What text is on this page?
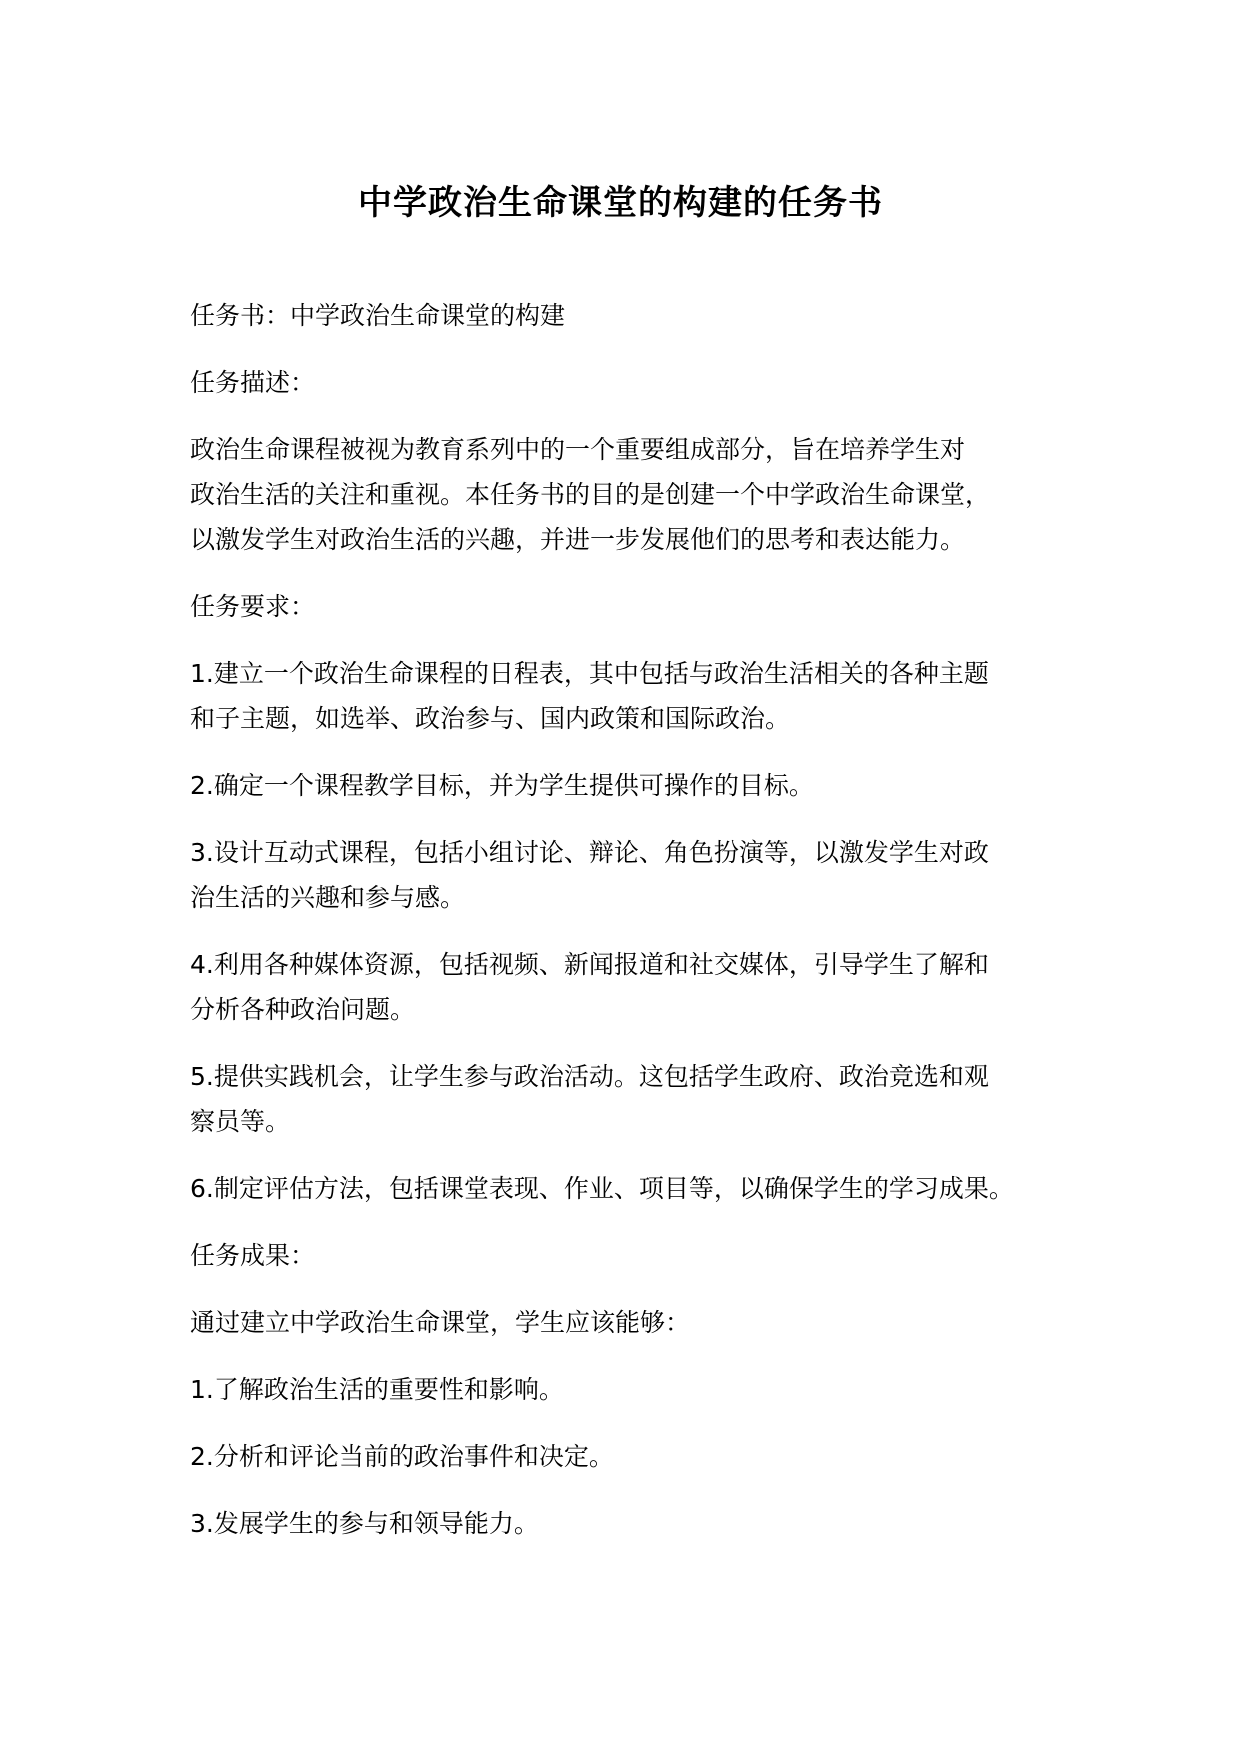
中学政治生命课堂的构建的任务书

任务书：中学政治生命课堂的构建

任务描述：

政治生命课程被视为教育系列中的一个重要组成部分，旨在培养学生对
政治生活的关注和重视。本任务书的目的是创建一个中学政治生命课堂，
以激发学生对政治生活的兴趣，并进一步发展他们的思考和表达能力。

任务要求：

1.建立一个政治生命课程的日程表，其中包括与政治生活相关的各种主题
和子主题，如选举、政治参与、国内政策和国际政治。

2.确定一个课程教学目标，并为学生提供可操作的目标。

3.设计互动式课程，包括小组讨论、辩论、角色扮演等，以激发学生对政
治生活的兴趣和参与感。

4.利用各种媒体资源，包括视频、新闻报道和社交媒体，引导学生了解和
分析各种政治问题。

5.提供实践机会，让学生参与政治活动。这包括学生政府、政治竞选和观
察员等。

6.制定评估方法，包括课堂表现、作业、项目等，以确保学生的学习成果。

任务成果：

通过建立中学政治生命课堂，学生应该能够：

1.了解政治生活的重要性和影响。

2.分析和评论当前的政治事件和决定。

3.发展学生的参与和领导能力。
